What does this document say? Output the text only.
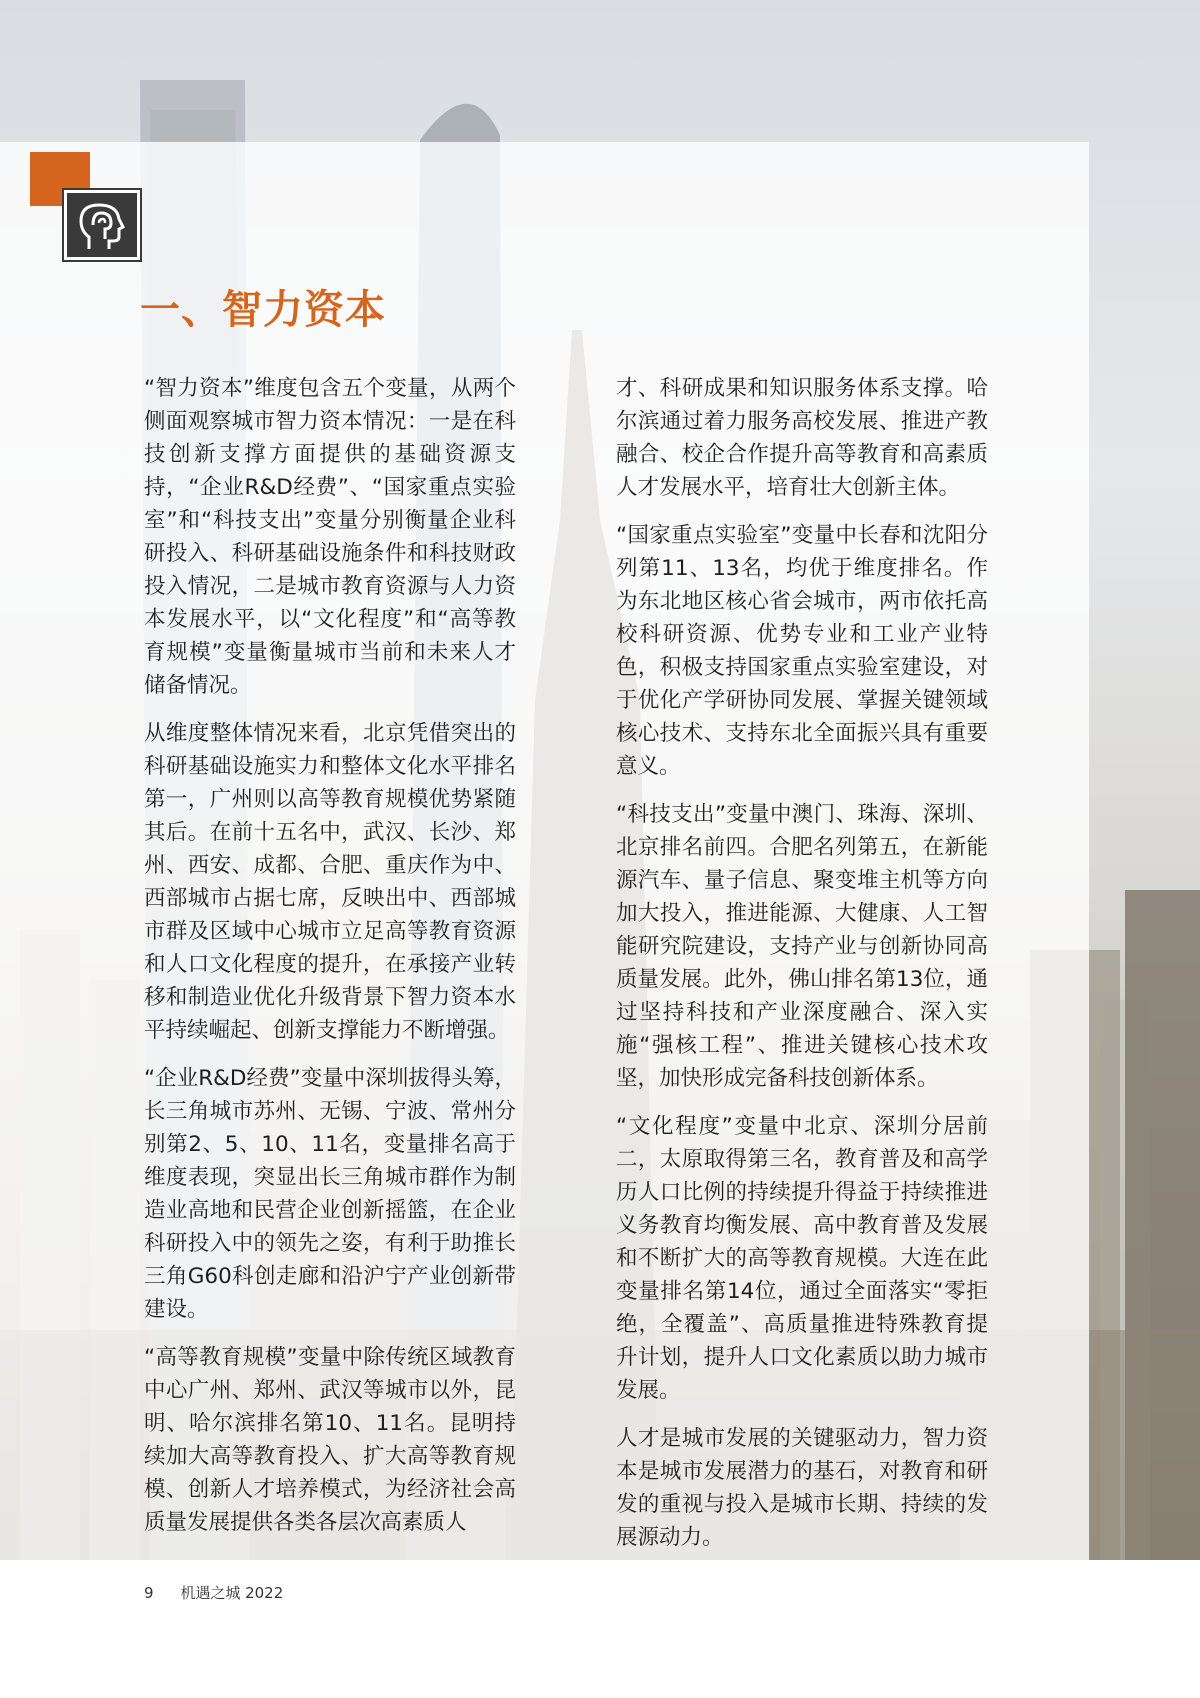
一、智力资本

“智力资本”维度包含五个变量，从两个侧面观察城市智力资本情况：一是在科技创新支撑方面提供的基础资源支持，“企业R&D经费”、“国家重点实验室”和“科技支出”变量分别衡量企业科研投入、科研基础设施条件和科技财政投入情况，二是城市教育资源与人力资本发展水平，以“文化程度”和“高等教育规模”变量衡量城市当前和未来人才储备情况。

从维度整体情况来看，北京凭借突出的科研基础设施实力和整体文化水平排名第一，广州则以高等教育规模优势紧随其后。在前十五名中，武汉、长沙、郑州、西安、成都、合肥、重庆作为中、西部城市占据七席，反映出中、西部城市群及区域中心城市立足高等教育资源和人口文化程度的提升，在承接产业转移和制造业优化升级背景下智力资本水平持续崛起、创新支撑能力不断增强。

“企业R&D经费”变量中深圳拔得头筹，长三角城市苏州、无锡、宁波、常州分别第2、5、10、11名，变量排名高于维度表现，突显出长三角城市群作为制造业高地和民营企业创新摇篮，在企业科研投入中的领先之姿，有利于助推长三角G60科创走廊和沿沪宁产业创新带建设。

“高等教育规模”变量中除传统区域教育中心广州、郑州、武汉等城市以外，昆明、哈尔滨排名第10、11名。昆明持续加大高等教育投入、扩大高等教育规模、创新人才培养模式，为经济社会高质量发展提供各类各层次高素质人

才、科研成果和知识服务体系支撑。哈尔滨通过着力服务高校发展、推进产教融合、校企合作提升高等教育和高素质人才发展水平，培育壮大创新主体。

“国家重点实验室”变量中长春和沈阳分列第11、13名，均优于维度排名。作为东北地区核心省会城市，两市依托高校科研资源、优势专业和工业产业特色，积极支持国家重点实验室建设，对于优化产学研协同发展、掌握关键领域核心技术、支持东北全面振兴具有重要意义。

“科技支出”变量中澳门、珠海、深圳、北京排名前四。合肥名列第五，在新能源汽车、量子信息、聚变堆主机等方向加大投入，推进能源、大健康、人工智能研究院建设，支持产业与创新协同高质量发展。此外，佛山排名第13位，通过坚持科技和产业深度融合、深入实施“强核工程”、推进关键核心技术攻坚，加快形成完备科技创新体系。

“文化程度”变量中北京、深圳分居前二，太原取得第三名，教育普及和高学历人口比例的持续提升得益于持续推进义务教育均衡发展、高中教育普及发展和不断扩大的高等教育规模。大连在此变量排名第14位，通过全面落实“零拒绝，全覆盖”、高质量推进特殊教育提升计划，提升人口文化素质以助力城市发展。

人才是城市发展的关键驱动力，智力资本是城市发展潜力的基石，对教育和研发的重视与投入是城市长期、持续的发展源动力。

9 机遇之城 2022
